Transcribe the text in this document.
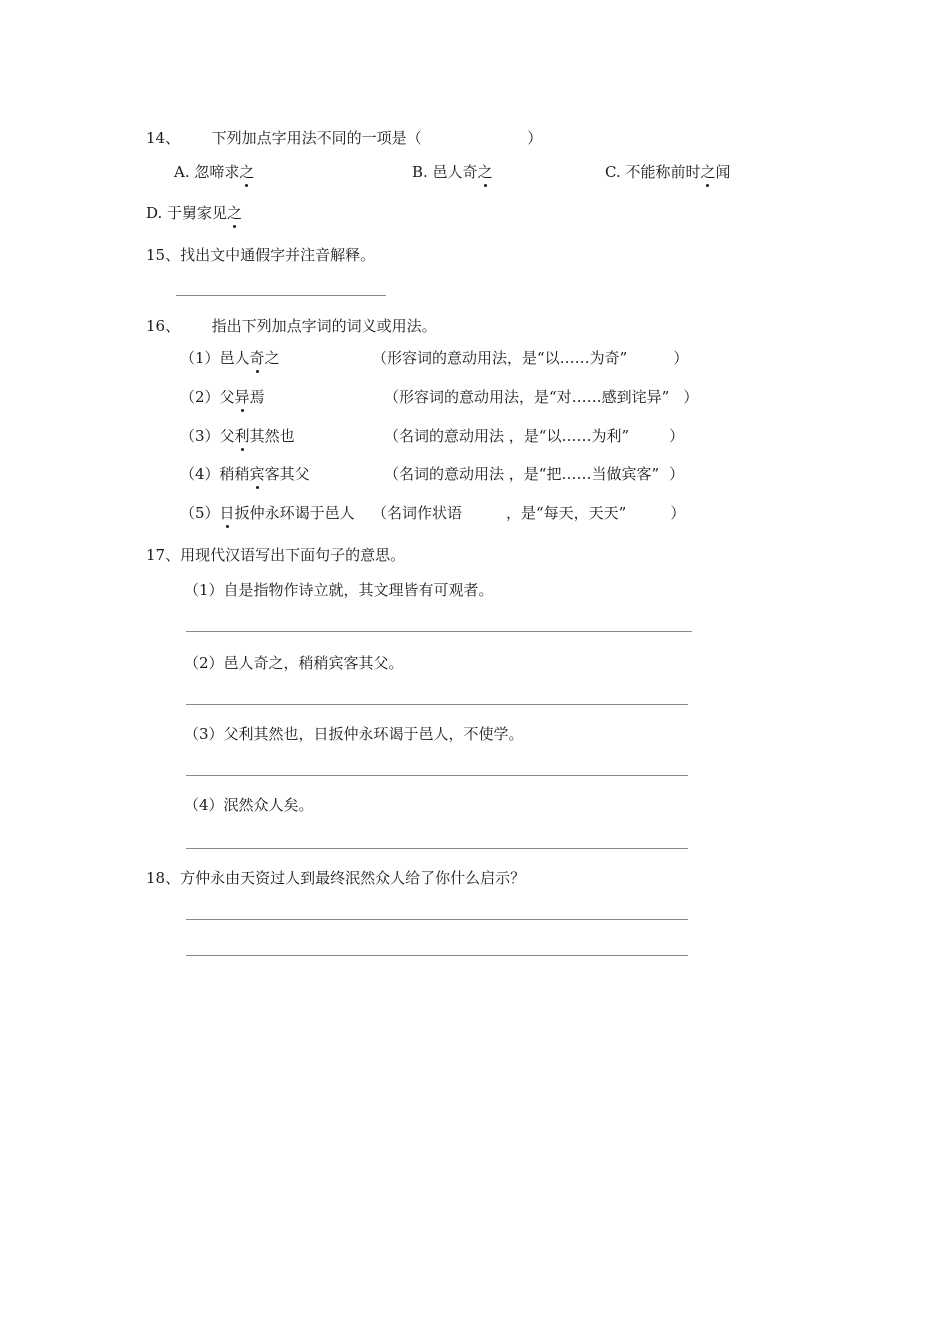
14、 下列加点字用法不同的一项是（	）
A. 忽啼求之	B. 邑人奇之	C. 不能称前时之闻
D. 于舅家见之
15、找出文中通假字并注音解释。
16、 指出下列加点字词的词义或用法。
（1）邑人奇之	（形容词的意动用法，是“以……为奇”	）
（2）父异焉	（形容词的意动用法，是“对……感到诧异” ）
（3）父利其然也	（名词的意动用法 ，是“以……为利”	）
（4）稍稍宾客其父	（名词的意动用法 ，是“把……当做宾客” ）
（5）日扳仲永环谒于邑人 （名词作状语	，是“每天，天天”	）
17、用现代汉语写出下面句子的意思。
（1）自是指物作诗立就，其文理皆有可观者。
（2）邑人奇之，稍稍宾客其父。
（3）父利其然也，日扳仲永环谒于邑人，不使学。
（4）泯然众人矣。
18、方仲永由天资过人到最终泯然众人给了你什么启示？
